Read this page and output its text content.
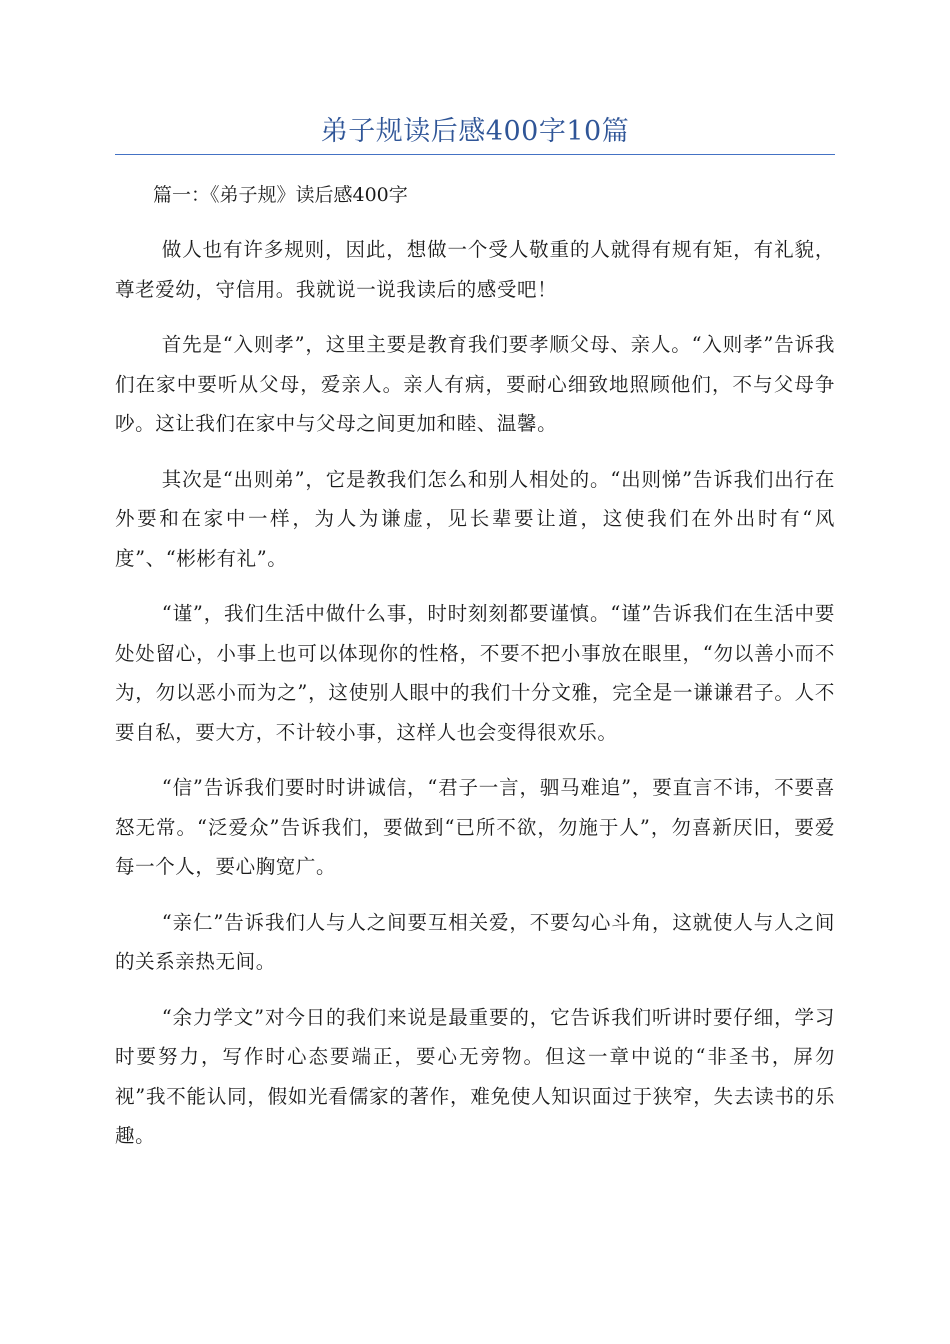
弟子规读后感400字10篇

篇一：《弟子规》读后感400字

做人也有许多规则，因此，想做一个受人敬重的人就得有规有矩，有礼貌，尊老爱幼，守信用。我就说一说我读后的感受吧！

首先是“入则孝”，这里主要是教育我们要孝顺父母、亲人。“入则孝”告诉我们在家中要听从父母，爱亲人。亲人有病，要耐心细致地照顾他们，不与父母争吵。这让我们在家中与父母之间更加和睦、温馨。

其次是“出则弟”，它是教我们怎么和别人相处的。“出则悌”告诉我们出行在外要和在家中一样，为人为谦虚，见长辈要让道，这使我们在外出时有“风度”、“彬彬有礼”。

“谨”，我们生活中做什么事，时时刻刻都要谨慎。“谨”告诉我们在生活中要处处留心，小事上也可以体现你的性格，不要不把小事放在眼里，“勿以善小而不为，勿以恶小而为之”，这使别人眼中的我们十分文雅，完全是一谦谦君子。人不要自私，要大方，不计较小事，这样人也会变得很欢乐。

“信”告诉我们要时时讲诚信，“君子一言，驷马难追”，要直言不讳，不要喜怒无常。“泛爱众”告诉我们，要做到“已所不欲，勿施于人”，勿喜新厌旧，要爱每一个人，要心胸宽广。

“亲仁”告诉我们人与人之间要互相关爱，不要勾心斗角，这就使人与人之间的关系亲热无间。

“余力学文”对今日的我们来说是最重要的，它告诉我们听讲时要仔细，学习时要努力，写作时心态要端正，要心无旁物。但这一章中说的“非圣书，屏勿视”我不能认同，假如光看儒家的著作，难免使人知识面过于狭窄，失去读书的乐趣。
